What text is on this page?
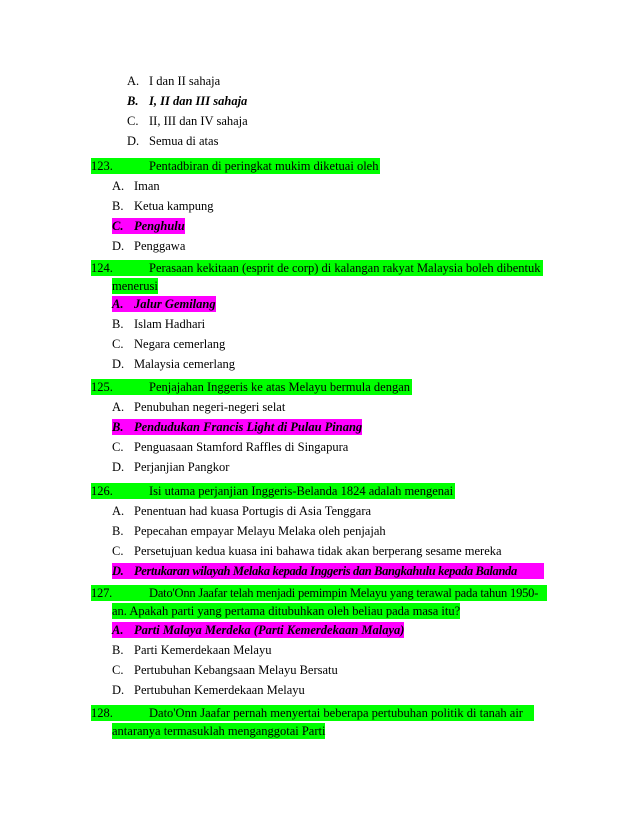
A. I dan II sahaja
B. I, II dan III sahaja
C. II, III dan IV sahaja
D. Semua di atas
123.	Pentadbiran di peringkat mukim diketuai oleh
A. Iman
B. Ketua kampung
C. Penghulu
D. Penggawa
124.	Perasaan kekitaan (esprit de corp) di kalangan rakyat Malaysia boleh dibentuk
menerusi
A. Jalur Gemilang
B. Islam Hadhari
C. Negara cemerlang
D. Malaysia cemerlang
125.	Penjajahan Inggeris ke atas Melayu bermula dengan
A. Penubuhan negeri-negeri selat
B. Pendudukan Francis Light di Pulau Pinang
C. Penguasaan Stamford Raffles di Singapura
D. Perjanjian Pangkor
126.	Isi utama perjanjian Inggeris-Belanda 1824 adalah mengenai
A. Penentuan had kuasa Portugis di Asia Tenggara
B. Pepecahan empayar Melayu Melaka oleh penjajah
C. Persetujuan kedua kuasa ini bahawa tidak akan berperang sesame mereka
D. Pertukaran wilayah Melaka kepada Inggeris dan Bangkahulu kepada Balanda
127.	Dato'Onn Jaafar telah menjadi pemimpin Melayu yang terawal pada tahun 1950-
an. Apakah parti yang pertama ditubuhkan oleh beliau pada masa itu?
A. Parti Malaya Merdeka (Parti Kemerdekaan Malaya)
B. Parti Kemerdekaan Melayu
C. Pertubuhan Kebangsaan Melayu Bersatu
D. Pertubuhan Kemerdekaan Melayu
128.	Dato'Onn Jaafar pernah menyertai beberapa pertubuhan politik di tanah air
antaranya termasuklah menganggotai Parti
